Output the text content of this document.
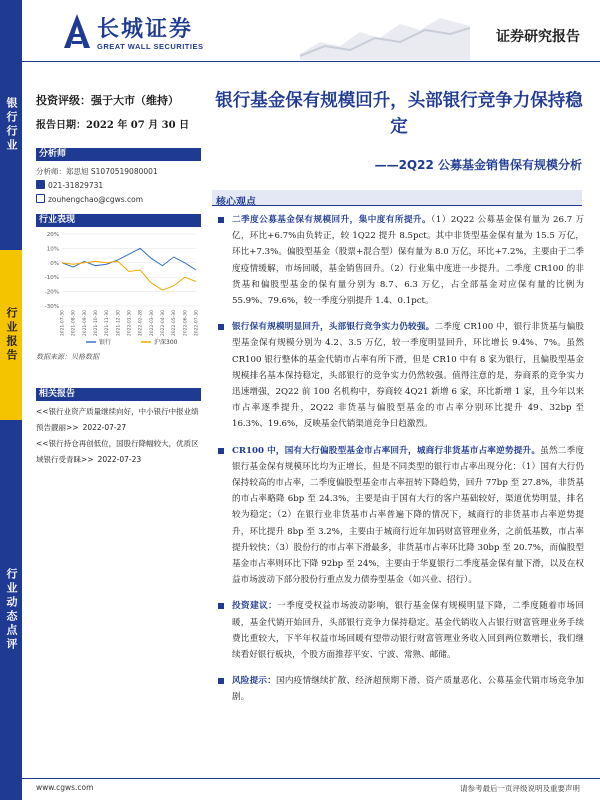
长城证券
GREAT WALL SECURITIES
证券研究报告
银行行业
行业报告
行业动态点评
投资评级：强于大市（维持）
报告日期：2022 年 07 月 30 日
分析师
分析师：郑思旭 S1070519080001
021-31829731
zouhengchao@cgws.com
行业表现
20%
10%
0%
-10%
-20%
-30%
2021-07-30 2021-08-30 2021-09-30 2021-10-30 2021-11-30 2021-12-30 2022-01-30 2022-02-28 2022-03-30 2022-04-30 2022-05-30 2022-06-30 2022-07-30
银行	沪深300
数据来源：贝格数据
相关报告
<<银行业资产质量继续向好，中小银行中报业绩预告靓丽>> 2022-07-27
<<银行持仓再创低位，国股行降幅较大，优质区域银行受青睐>> 2022-07-23
银行基金保有规模回升，头部银行竞争力保持稳定
——2Q22 公募基金销售保有规模分析
核心观点
二季度公募基金保有规模回升，集中度有所提升。（1）2Q22 公募基金保有量为 26.7 万亿，环比+6.7%由负转正，较 1Q22 提升 8.5pct。其中非货型基金保有量为 15.5 万亿，环比+7.3%。偏股型基金（股票+混合型）保有量为 8.0 万亿，环比+7.2%，主要由于二季度疫情缓解，市场回暖，基金销售回升。（2）行业集中度进一步提升。二季度 CR100 的非货基和偏股型基金的保有量分别为 8.7、6.3 万亿，占全部基金对应保有量的比例为 55.9%、79.6%，较一季度分别提升 1.4、0.1pct。
银行保有规模明显回升，头部银行竞争实力仍较强。二季度 CR100 中，银行非货基与偏股型基金保有规模分别为 4.2、3.5 万亿，较一季度明显回升，环比增长 9.4%、7%。虽然 CR100 银行整体的基金代销市占率有所下滑，但是 CR10 中有 8 家为银行，且偏股型基金规模排名基本保持稳定，头部银行的竞争实力仍然较强。值得注意的是，券商系的竞争实力迅速增强，2Q22 前 100 名机构中，券商较 4Q21 新增 6 家，环比新增 1 家，且今年以来市占率逐季提升，2Q22 非货基与偏股型基金的市占率分别环比提升 49、32bp 至 16.3%、19.6%，反映基金代销渠道竞争日趋激烈。
CR100 中，国有大行偏股型基金市占率回升，城商行非货基市占率逆势提升。虽然二季度银行基金保有规模环比均为正增长，但是不同类型的银行市占率出现分化：（1）国有大行仍保持较高的市占率，二季度偏股型基金市占率扭转下降趋势，回升 77bp 至 27.8%，非货基的市占率略降 6bp 至 24.3%，主要是由于国有大行的客户基础较好，渠道优势明显，排名较为稳定；（2）在银行业非货基市占率普遍下降的情况下，城商行的非货基市占率逆势提升，环比提升 8bp 至 3.2%，主要由于城商行近年加码财富管理业务，之前低基数，市占率提升较快；（3）股份行的市占率下滑最多，非货基市占率环比降 30bp 至 20.7%，而偏股型基金市占率则环比下降 92bp 至 24%，主要由于华夏银行二季度基金保有量下滑，以及在权益市场波动下部分股份行重点发力债券型基金（如兴业、招行）。
投资建议：一季度受权益市场波动影响，银行基金保有规模明显下降，二季度随着市场回暖，基金代销开始回升，头部银行竞争力保持稳定。基金代销收入占银行财富管理业务手续费比重较大，下半年权益市场回暖有望带动银行财富管理业务收入回到两位数增长，我们继续看好银行板块，个股方面推荐平安、宁波、常熟、邮储。
风险提示：国内疫情继续扩散、经济超预期下滑、资产质量恶化、公募基金代销市场竞争加剧。
www.cgws.com	请参考最后一页评级说明及重要声明
